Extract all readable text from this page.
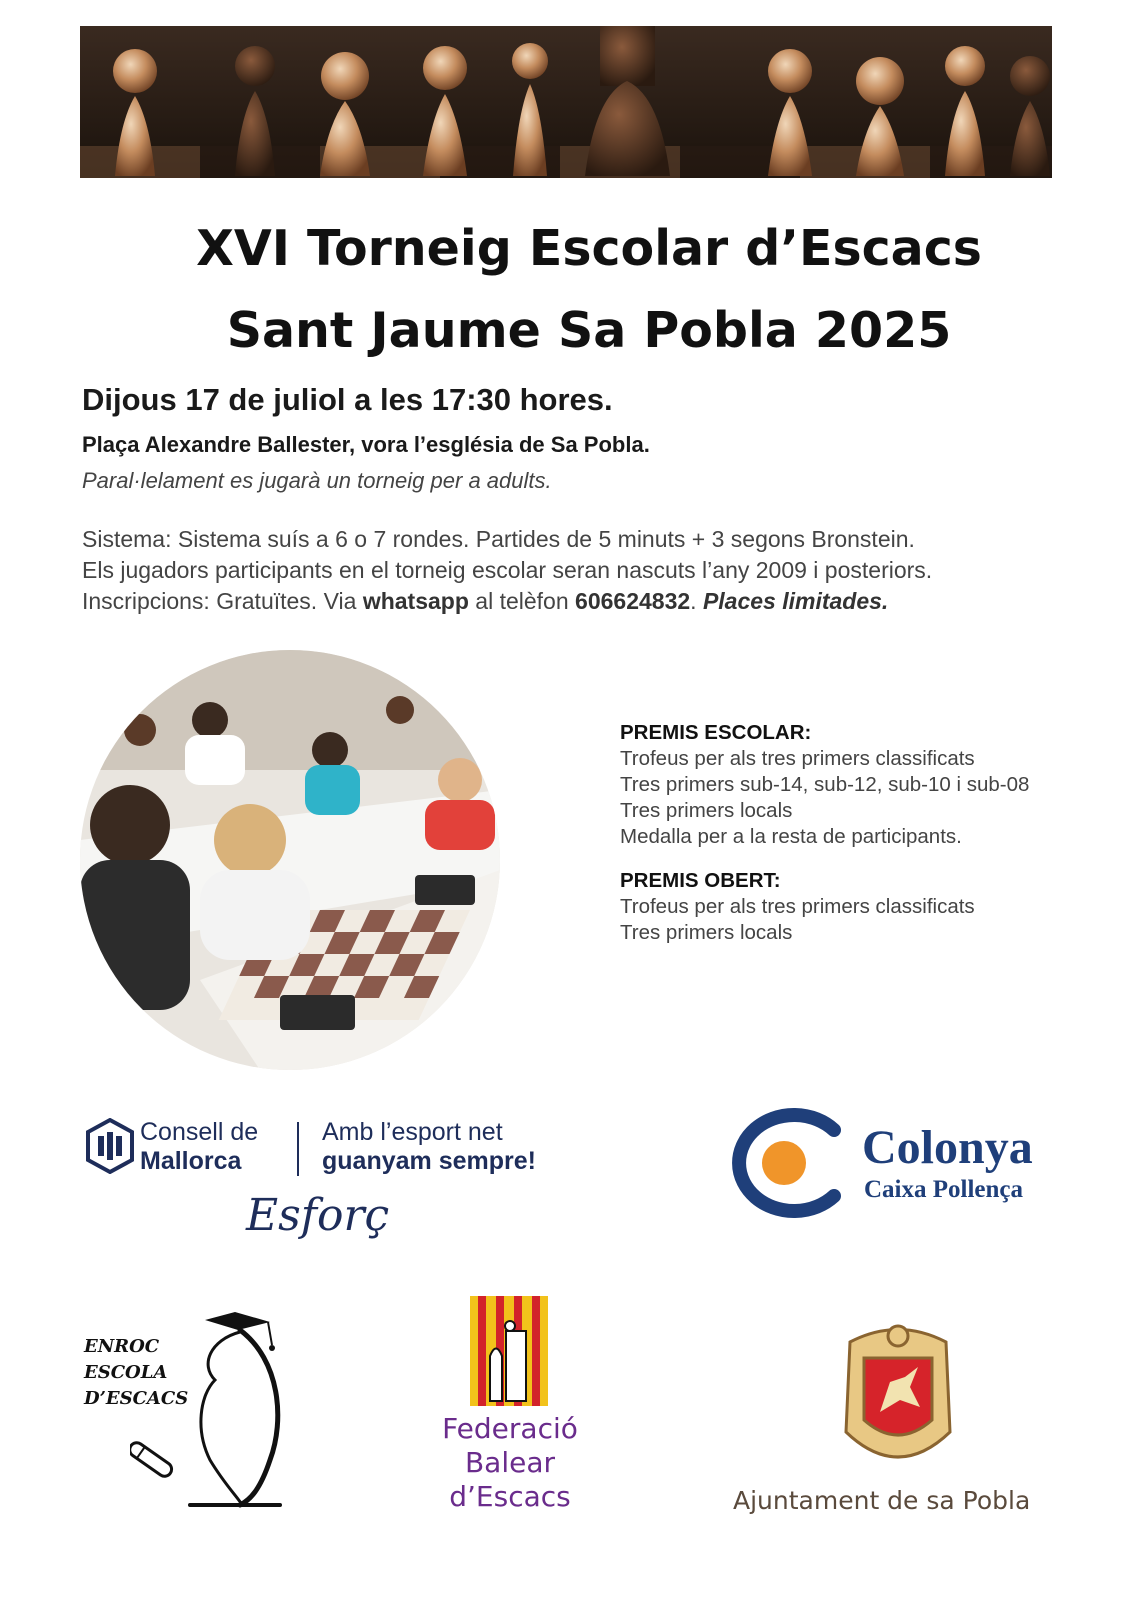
XVI Torneig Escolar d’Escacs
Sant Jaume Sa Pobla 2025
Dijous 17 de juliol a les 17:30 hores.
Plaça Alexandre Ballester, vora l’església de Sa Pobla.
Paral·lelament es jugarà un torneig per a adults.
Sistema: Sistema suís a 6 o 7 rondes. Partides de 5 minuts + 3 segons Bronstein.
Els jugadors participants en el torneig escolar seran nascuts l’any 2009 i posteriors.
Inscripcions: Gratuïtes. Via whatsapp al telèfon 606624832. Places limitades.
PREMIS ESCOLAR:
Trofeus per als tres primers classificats
Tres primers sub-14, sub-12, sub-10 i sub-08
Tres primers locals
Medalla per a la resta de participants.
PREMIS OBERT:
Trofeus per als tres primers classificats
Tres primers locals
Consell de
Mallorca
Amb l’esport net
guanyam sempre!
Esforç
Colonya
Caixa Pollença
ENROC
ESCOLA
D’ESCACS
Federació
Balear
d’Escacs	Ajuntament de sa Pobla
